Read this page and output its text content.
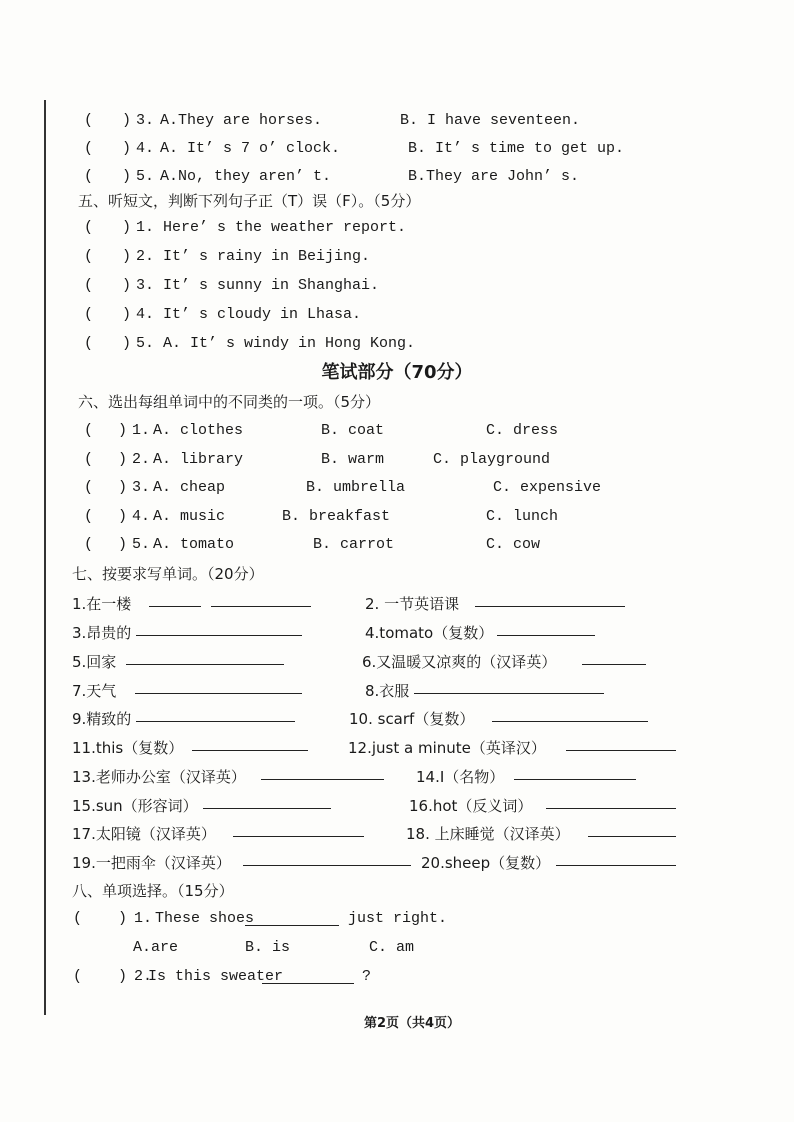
( ) 3. A.They are horses.	B. I have seventeen.
( ) 4. A. It’ s 7 o’ clock.	B. It’ s time to get up.
( ) 5. A.No, they aren’ t.	B.They are John’ s.
五、听短文，判断下列句子正（T）误（F）。（5分）
( ) 1. Here’ s the weather report.
( ) 2. It’ s rainy in Beijing.
( ) 3. It’ s sunny in Shanghai.
( ) 4. It’ s cloudy in Lhasa.
( ) 5. A. It’ s windy in Hong Kong.
笔试部分（70分）
六、选出每组单词中的不同类的一项。（5分）
( ) 1. A. clothes	B. coat	C. dress
( ) 2. A. library	B. warm	C. playground
( ) 3. A. cheap	B. umbrella	C. expensive
( ) 4. A. music	B. breakfast	C. lunch
( ) 5. A. tomato	B. carrot	C. cow
七、按要求写单词。（20分）
1.在一楼	2. 一节英语课
3.昂贵的	4.tomato（复数）
5.回家	6.又温暖又凉爽的（汉译英）
7.天气	8.衣服
9.精致的	10. scarf（复数）
11.this（复数）	12.just a minute（英译汉）
13.老师办公室（汉译英）	14.I（名物）
15.sun（形容词）	16.hot（反义词）
17.太阳镜（汉译英）	18. 上床睡觉（汉译英）
19.一把雨伞（汉译英）	20.sheep（复数）
八、单项选择。（15分）
( ) 1. These shoes	just right.
A.are	B. is	C. am
( ) 2.
Is this sweater	?
第2页（共4页）
